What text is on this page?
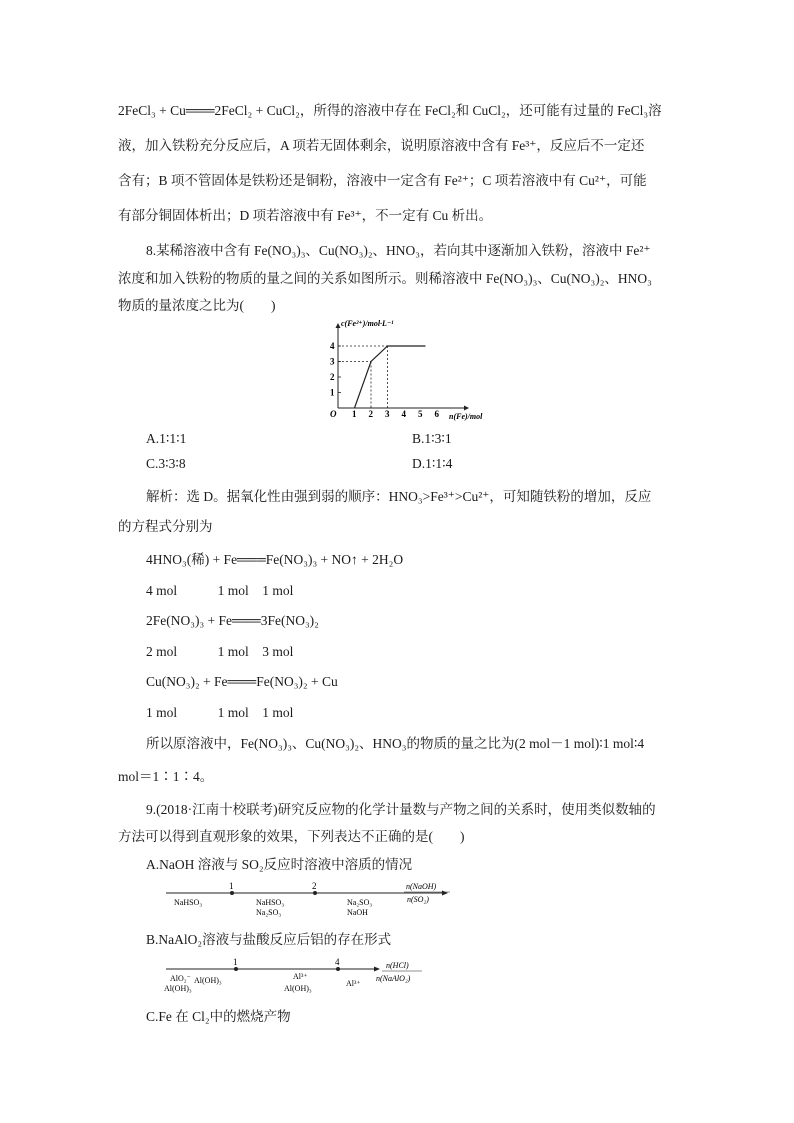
2FeCl₃ + Cu═══2FeCl₂ + CuCl₂，所得的溶液中存在 FeCl₂和 CuCl₂，还可能有过量的 FeCl₃溶
液，加入铁粉充分反应后，A 项若无固体剩余，说明原溶液中含有 Fe³⁺，反应后不一定还
含有；B 项不管固体是铁粉还是铜粉，溶液中一定含有 Fe²⁺；C 项若溶液中有 Cu²⁺，可能
有部分铜固体析出；D 项若溶液中有 Fe³⁺，不一定有 Cu 析出。
8.某稀溶液中含有 Fe(NO₃)₃、Cu(NO₃)₂、HNO₃，若向其中逐渐加入铁粉，溶液中 Fe²⁺
浓度和加入铁粉的物质的量之间的关系如图所示。则稀溶液中 Fe(NO₃)₃、Cu(NO₃)₂、HNO₃
物质的量浓度之比为(　　)
1 2 3 4 5 6
1
2
3
4
O
c(Fe²⁺)/mol·L⁻¹
n(Fe)/mol
A.1∶1∶1	B.1∶3∶1
C.3∶3∶8	D.1∶1∶4
解析：选 D。据氧化性由强到弱的顺序：HNO₃>Fe³⁺>Cu²⁺，可知随铁粉的增加，反应
的方程式分别为
4HNO₃(稀) + Fe═══Fe(NO₃)₃ + NO↑ + 2H₂O
4 mol　　　1 mol　1 mol
2Fe(NO₃)₃ + Fe═══3Fe(NO₃)₂
2 mol　　　1 mol　3 mol
Cu(NO₃)₂ + Fe═══Fe(NO₃)₂ + Cu
1 mol　　　1 mol　1 mol
所以原溶液中，Fe(NO₃)₃、Cu(NO₃)₂、HNO₃的物质的量之比为(2 mol－1 mol)∶1 mol∶4
mol＝1∶1∶4。
9.(2018·江南十校联考)研究反应物的化学计量数与产物之间的关系时，使用类似数轴的
方法可以得到直观形象的效果，下列表达不正确的是(　　)
A.NaOH 溶液与 SO₂反应时溶液中溶质的情况
1	2	n(NaOH)
n(SO₂)
NaHSO₃	NaHSO₃
Na₂SO₃
Na₂SO₃
NaOH
B.NaAlO₂溶液与盐酸反应后铝的存在形式
1	4	n(HCl)
n(NaAlO₂)
AlO₂⁻
Al(OH)₃
Al(OH)₃	Al³⁺
Al(OH)₃
Al³⁺
C.Fe 在 Cl₂中的燃烧产物
